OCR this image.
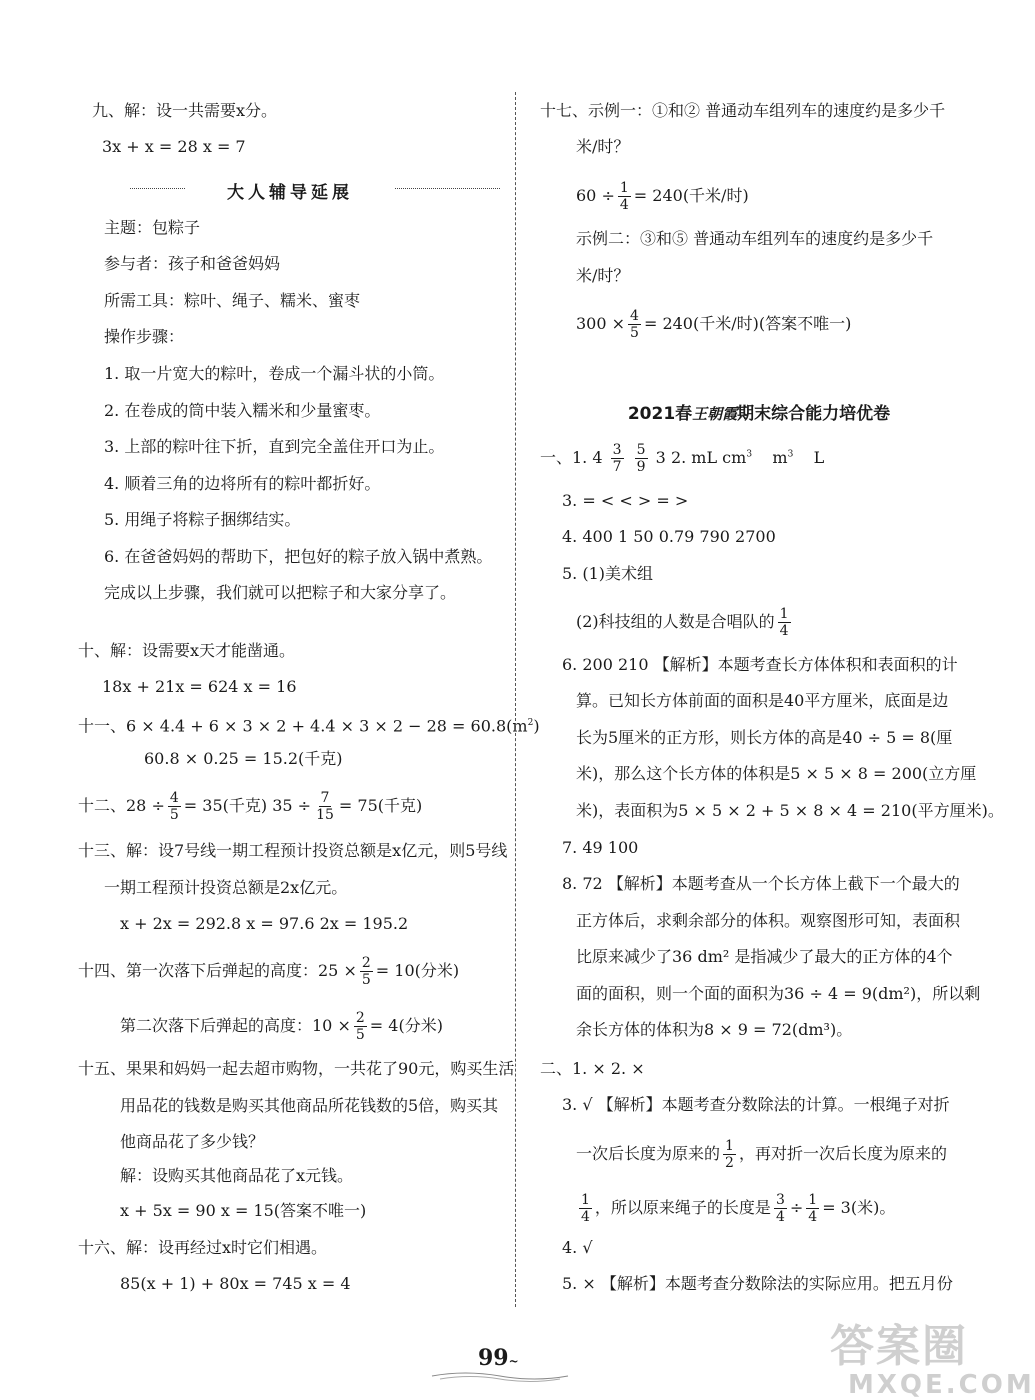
九、解：设一共需要x分。
3x + x = 28 x = 7
大人辅导延展
主题：包粽子
参与者：孩子和爸爸妈妈
所需工具：粽叶、绳子、糯米、蜜枣
操作步骤：
1. 取一片宽大的粽叶，卷成一个漏斗状的小筒。
2. 在卷成的筒中装入糯米和少量蜜枣。
3. 上部的粽叶往下折，直到完全盖住开口为止。
4. 顺着三角的边将所有的粽叶都折好。
5. 用绳子将粽子捆绑结实。
6. 在爸爸妈妈的帮助下，把包好的粽子放入锅中煮熟。
完成以上步骤，我们就可以把粽子和大家分享了。
十、解：设需要x天才能凿通。
18x + 21x = 624 x = 16
十一、$6 \times 4.4 + 6 \times 3 \times 2 + 4.4 \times 3 \times 2 - 28 = 60.8(m^2)$
60.8 × 0.25 = 15.2(千克)
十二、$28 \div \frac{4}{5} = 35$(千克) $35 \div \frac{7}{15} = 75$(千克)
十三、解：设7号线一期工程预计投资总额是x亿元，则5号线
一期工程预计投资总额是2x亿元。
x + 2x = 292.8 x = 97.6 2x = 195.2
十四、第一次落下后弹起的高度：$25 \times \frac{2}{5} = 10$(分米)
第二次落下后弹起的高度：$10 \times \frac{2}{5} = 4$(分米)
十五、果果和妈妈一起去超市购物，一共花了90元，购买生活
用品花的钱数是购买其他商品所花钱数的5倍，购买其
他商品花了多少钱？
解：设购买其他商品花了x元钱。
x + 5x = 90 x = 15(答案不唯一)
十六、解：设再经过x时它们相遇。
85(x + 1) + 80x = 745 x = 4
十七、示例一：①和② 普通动车组列车的速度约是多少千
米/时？
$60 \div \frac{1}{4} = 240$(千米/时)
示例二：③和⑤ 普通动车组列车的速度约是多少千
米/时？
$300 \times \frac{4}{5} = 240$(千米/时)(答案不唯一)
2021春王朝霞期末综合能力培优卷
一、1. $4 \frac{3}{7}$
$\frac{5}{9} 3$ 2. mL $cm^3$ $m^3$ L
3. = < < > = >
4. 400 1 50 0.79 790 2700
5. (1)美术组
(2)科技组的人数是合唱队的 $\frac{1}{4}$
6. 200 210 【解析】本题考查长方体体积和表面积的计
算。已知长方体前面的面积是40平方厘米，底面是边
长为5厘米的正方形，则长方体的高是40 ÷ 5 = 8(厘
米)，那么这个长方体的体积是5 × 5 × 8 = 200(立方厘
米)，表面积为5 × 5 × 2 + 5 × 8 × 4 = 210(平方厘米)。
7. 49 100
8. 72 【解析】本题考查从一个长方体上截下一个最大的
正方体后，求剩余部分的体积。观察图形可知，表面积
比原来减少了36 dm² 是指减少了最大的正方体的4个
面的面积，则一个面的面积为36 ÷ 4 = 9(dm²)，所以剩
余长方体的体积为8 × 9 = 72(dm³)。
二、1. × 2. ×
3. √ 【解析】本题考查分数除法的计算。一根绳子对折
一次后长度为原来的 $\frac{1}{2}$ ，再对折一次后长度为原来的
$\frac{1}{4}$ ，所以原来绳子的长度是 $\frac{3}{4} \div \frac{1}{4} = 3$(米)。
4. √
5. × 【解析】本题考查分数除法的实际应用。把五月份
99~	答案圈
MXQE.COM
